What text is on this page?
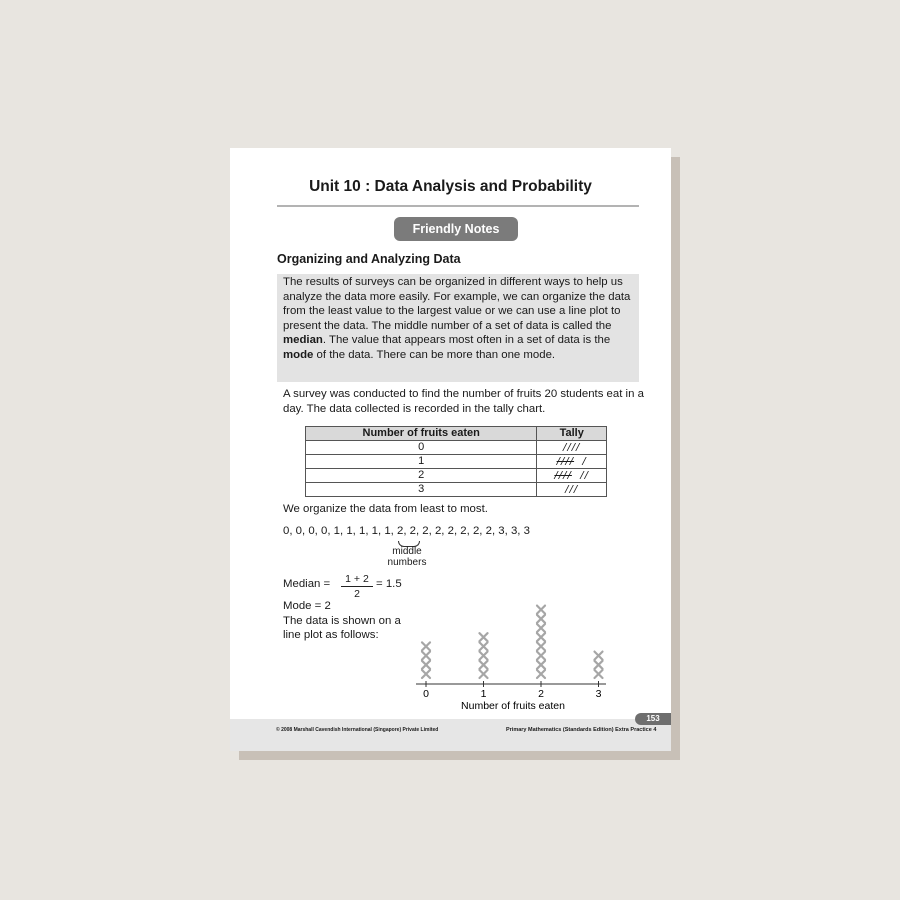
Unit 10 : Data Analysis and Probability
Friendly Notes
Organizing and Analyzing Data

The results of surveys can be organized in different ways to help us analyze the data more easily. For example, we can organize the data from the least value to the largest value or we can use a line plot to present the data. The middle number of a set of data is called the median. The value that appears most often in a set of data is the mode of the data. There can be more than one mode.

A survey was conducted to find the number of fruits 20 students eat in a day. The data collected is recorded in the tally chart.

Number of fruits eaten	Tally
0	////
1	////  /
2	////  //
3	///
We organize the data from least to most.
0, 0, 0, 0, 1, 1, 1, 1, 1, 2, 2, 2, 2, 2, 2, 2, 2, 3, 3, 3
middle
numbers
Median =	1 + 2
2
= 1.5
Mode = 2
The data is shown on a
line plot as follows:
0	1	2	3
Number of fruits eaten
© 2008 Marshall Cavendish International (Singapore) Private Limited	Primary Mathematics (Standards Edition) Extra Practice 4
153
